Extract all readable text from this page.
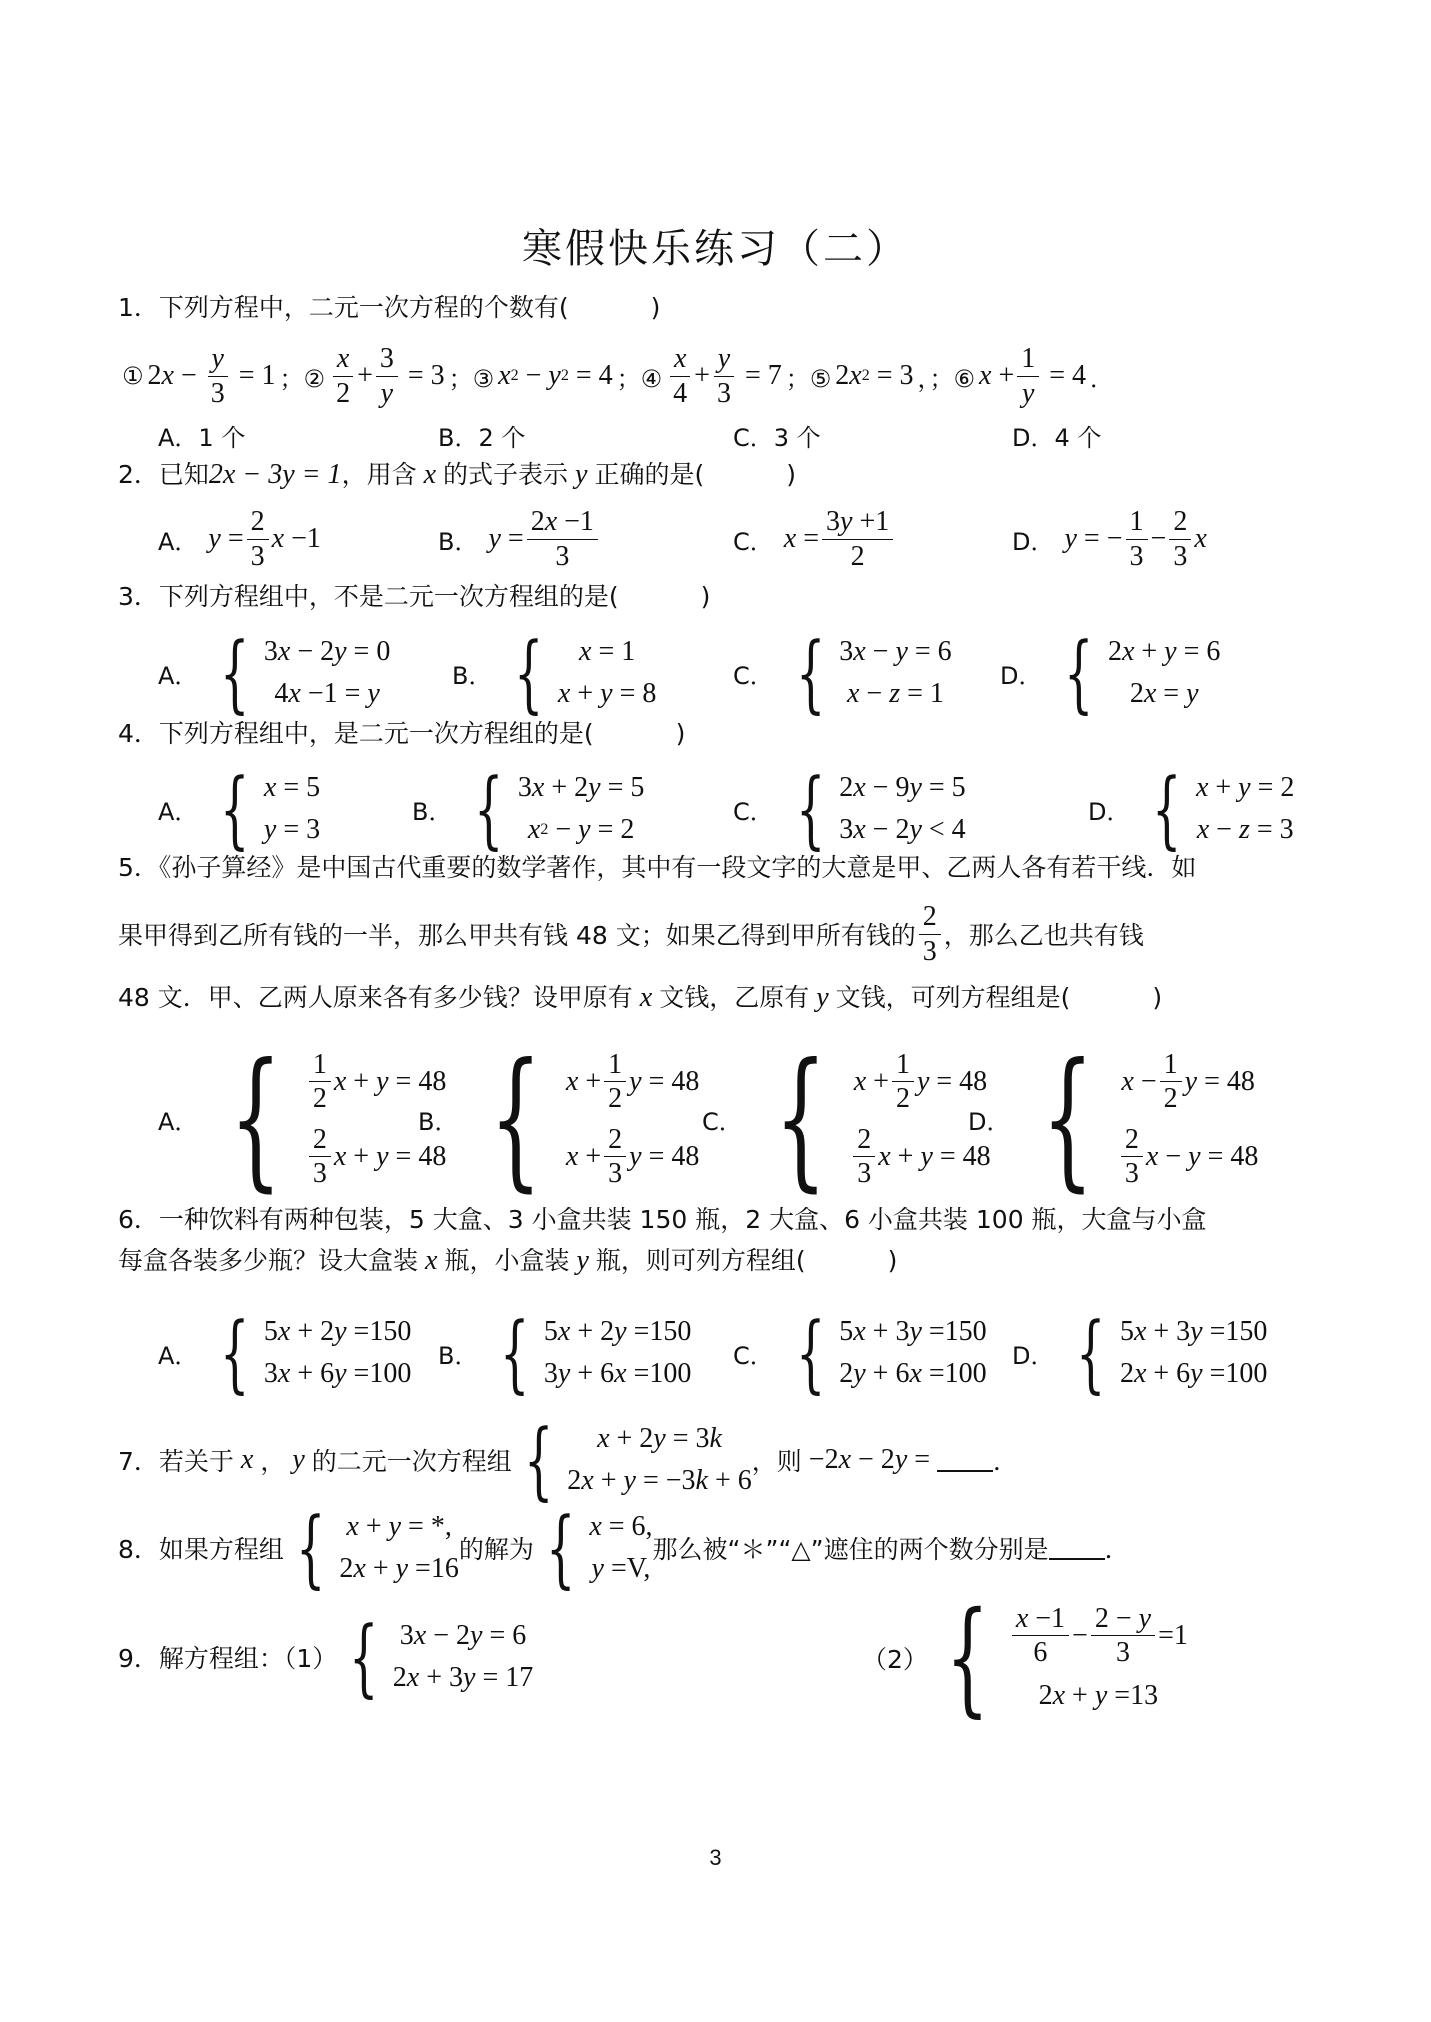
寒假快乐练习（二）
1．下列方程中，二元一次方程的个数有(	)
① 2 $x - \frac{y}{3} = 1$ ；② $\frac{x}{2} + \frac{3}{y} = 3$ ；③ x 2 − y 2 = 4 ；④ $\frac{x}{4} + \frac{y}{3} = 7$ ；⑤ 2 x 2 = 3 ，；⑥ $x + \frac{1}{y} = 4$ ．
A．1 个	B．2 个	C．3 个	D．4 个
2．已知2x − 3y = 1，用含 x 的式子表示 y 正确的是(	)
A． $y = \frac{2}{3}$ x −1	B． $y = \frac{2x -1}{3}$	C． $x = \frac{3y +1}{2}$	D． y = − $\frac{1}{3} - \frac{2}{3}$ x
3．下列方程组中，不是二元一次方程组的是(	)
A． { 3 x − 2 y = 0
4 x −1 = y
B． { x = 1
x + y = 8
C． { 3 x − y = 6
x − z = 1
D． { 2 x + y = 6
2 x = y
4．下列方程组中，是二元一次方程组的是(	)
A． { x = 5
y = 3
B． { 3 x + 2 y = 5
x 2 − y = 2
C． { 2 x − 9 y = 5
3 x − 2 y < 4
D． { x + y = 2
x − z = 3
5．《孙子算经》是中国古代重要的数学著作，其中有一段文字的大意是甲、乙两人各有若干线．如
果甲得到乙所有钱的一半，那么甲共有钱 48 文；如果乙得到甲所有钱的 $\frac{2}{3}$ ，那么乙也共有钱
48 文．甲、乙两人原来各有多少钱？设甲原有 x 文钱，乙原有 y 文钱，可列方程组是(	)
A． { $\frac{1}{2}$ x + y = 48
$\frac{2}{3}$ x + y = 48
B． { $x + \frac{1}{2}$ y = 48
$x + \frac{2}{3}$ y = 48
C． { $x + \frac{1}{2}$ y = 48
$\frac{2}{3}$ x + y = 48
D． { $x - \frac{1}{2}$ y = 48
$\frac{2}{3}$ x − y = 48
6．一种饮料有两种包装，5 大盒、3 小盒共装 150 瓶，2 大盒、6 小盒共装 100 瓶，大盒与小盒
每盒各装多少瓶？设大盒装 x 瓶，小盒装 y 瓶，则可列方程组(	)
A． { 5 x + 2 y =150
3 x + 6 y =100
B． { 5 x + 2 y =150
3 y + 6 x =100
C． { 5 x + 3 y =150
2 y + 6 x =100
D． { 5 x + 3 y =150
2 x + 6 y =100
7．若关于 x ， y 的二元一次方程组 { x + 2 y = 3 k
2 x + y = −3 k + 6
，则 −2 x − 2 y = ．
8．如果方程组 { x + y = *,
2 x + y =16
的解为 { x = 6,
y =V,
那么被“＊”“△”遮住的两个数分别是 ．
9．解方程组：（1） { 3 x − 2 y = 6
2 x + 3 y = 17
（2） { $\frac{x -1}{6} - \frac{2 - y}{3} =1$
2 x + y =13
3
